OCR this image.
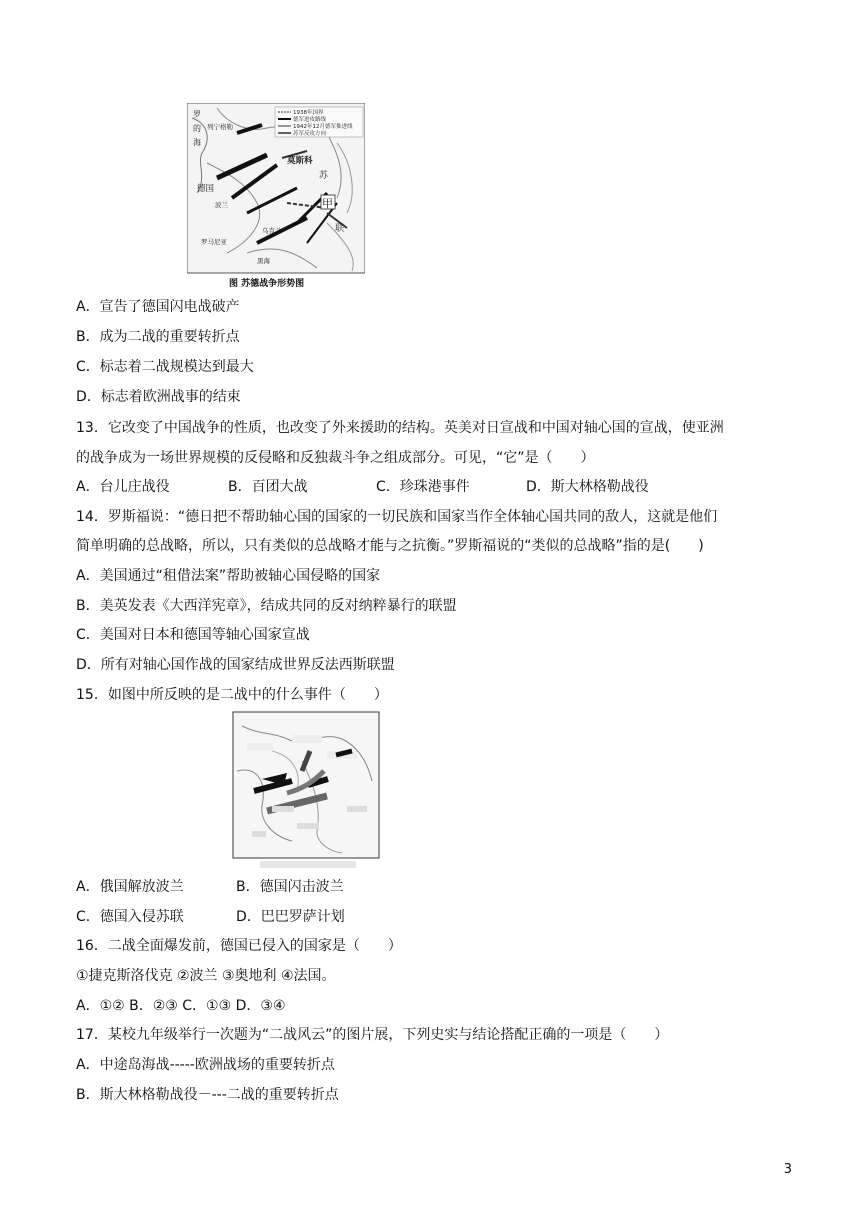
1938年国界
德军进攻路线
1942年12月德军推进线
苏军反攻方向
罗
的
海
列宁格勒
莫斯科
苏
德国
波兰
乌克兰
罗马尼亚
黑海
甲
联
图 苏德战争形势图
A．宣告了德国闪电战破产
B．成为二战的重要转折点
C．标志着二战规模达到最大
D．标志着欧洲战事的结束
13．它改变了中国战争的性质，也改变了外来援助的结构。英美对日宣战和中国对轴心国的宣战，使亚洲
的战争成为一场世界规模的反侵略和反独裁斗争之组成部分。可见，“它”是（　　）
A．台儿庄战役	B．百团大战	C．珍珠港事件	D．斯大林格勒战役
14．罗斯福说：“德日把不帮助轴心国的国家的一切民族和国家当作全体轴心国共同的敌人，这就是他们
简单明确的总战略，所以，只有类似的总战略才能与之抗衡。”罗斯福说的“类似的总战略”指的是(　　)
A．美国通过“租借法案”帮助被轴心国侵略的国家
B．美英发表《大西洋宪章》，结成共同的反对纳粹暴行的联盟
C．美国对日本和德国等轴心国家宣战
D．所有对轴心国作战的国家结成世界反法西斯联盟
15．如图中所反映的是二战中的什么事件（　　）
A．俄国解放波兰	B．德国闪击波兰
C．德国入侵苏联	D．巴巴罗萨计划
16．二战全面爆发前，德国已侵入的国家是（　　）
①捷克斯洛伐克 ②波兰 ③奥地利 ④法国。
A．①② B．②③ C．①③ D．③④
17．某校九年级举行一次题为“二战风云”的图片展，下列史实与结论搭配正确的一项是（　　）
A．中途岛海战-----欧洲战场的重要转折点
B．斯大林格勒战役－---二战的重要转折点
3
